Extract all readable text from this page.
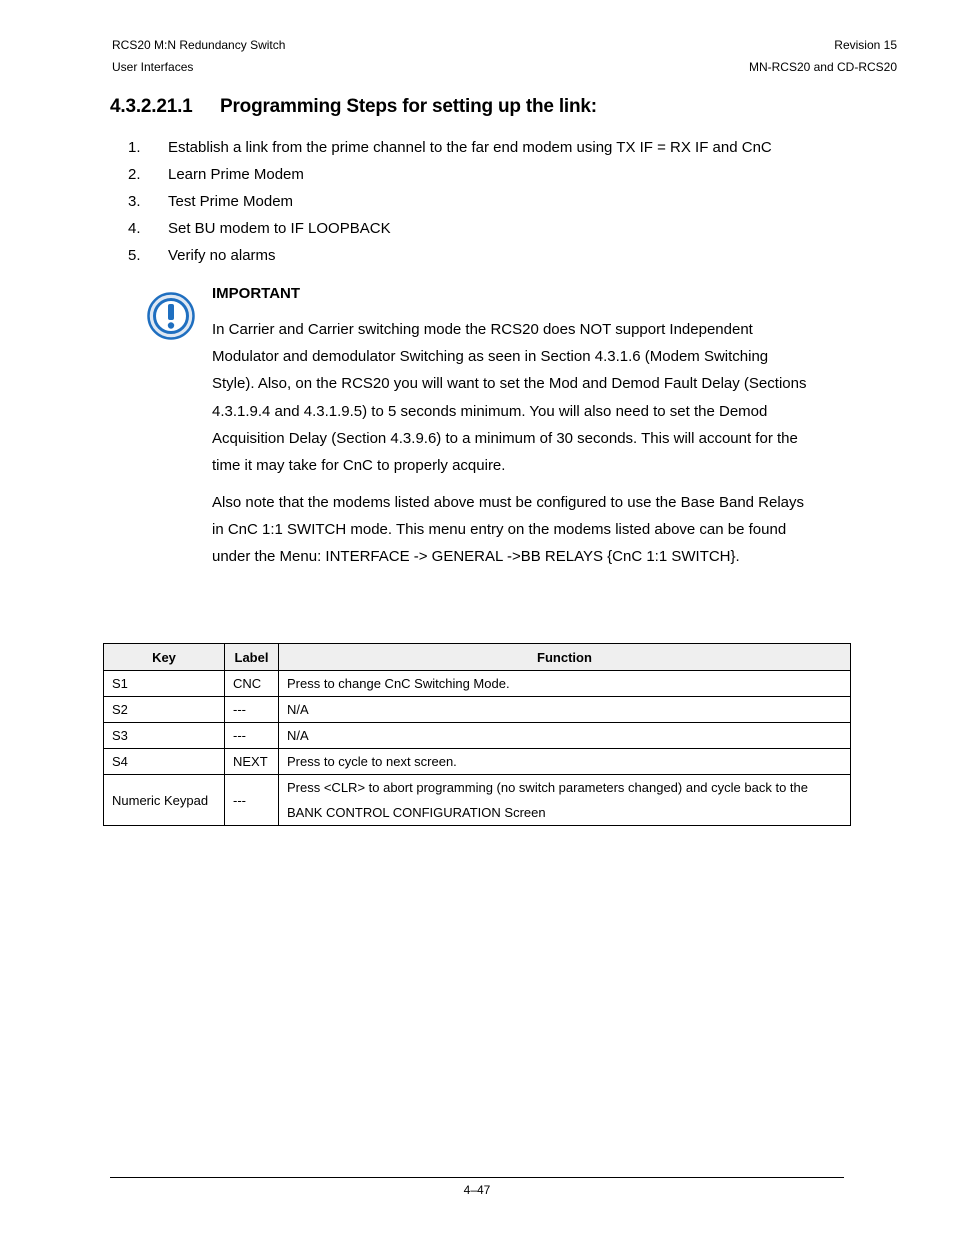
RCS20 M:N Redundancy Switch
User Interfaces
Revision 15
MN-RCS20 and CD-RCS20
4.3.2.21.1 Programming Steps for setting up the link:
1. Establish a link from the prime channel to the far end modem using TX IF = RX IF and CnC
2. Learn Prime Modem
3. Test Prime Modem
4. Set BU modem to IF LOOPBACK
5. Verify no alarms
IMPORTANT
In Carrier and Carrier switching mode the RCS20 does NOT support Independent Modulator and demodulator Switching as seen in Section 4.3.1.6 (Modem Switching Style). Also, on the RCS20 you will want to set the Mod and Demod Fault Delay (Sections 4.3.1.9.4 and 4.3.1.9.5) to 5 seconds minimum. You will also need to set the Demod Acquisition Delay (Section 4.3.9.6) to a minimum of 30 seconds. This will account for the time it may take for CnC to properly acquire.
Also note that the modems listed above must be configured to use the Base Band Relays in CnC 1:1 SWITCH mode. This menu entry on the modems listed above can be found under the Menu: INTERFACE -> GENERAL ->BB RELAYS {CnC 1:1 SWITCH}.
Key	Label	Function
S1	CNC	Press to change CnC Switching Mode.
S2	---	N/A
S3	---	N/A
S4	NEXT	Press to cycle to next screen.
Numeric Keypad	---	Press <CLR> to abort programming (no switch parameters changed) and cycle back to the BANK CONTROL CONFIGURATION Screen
4–47
